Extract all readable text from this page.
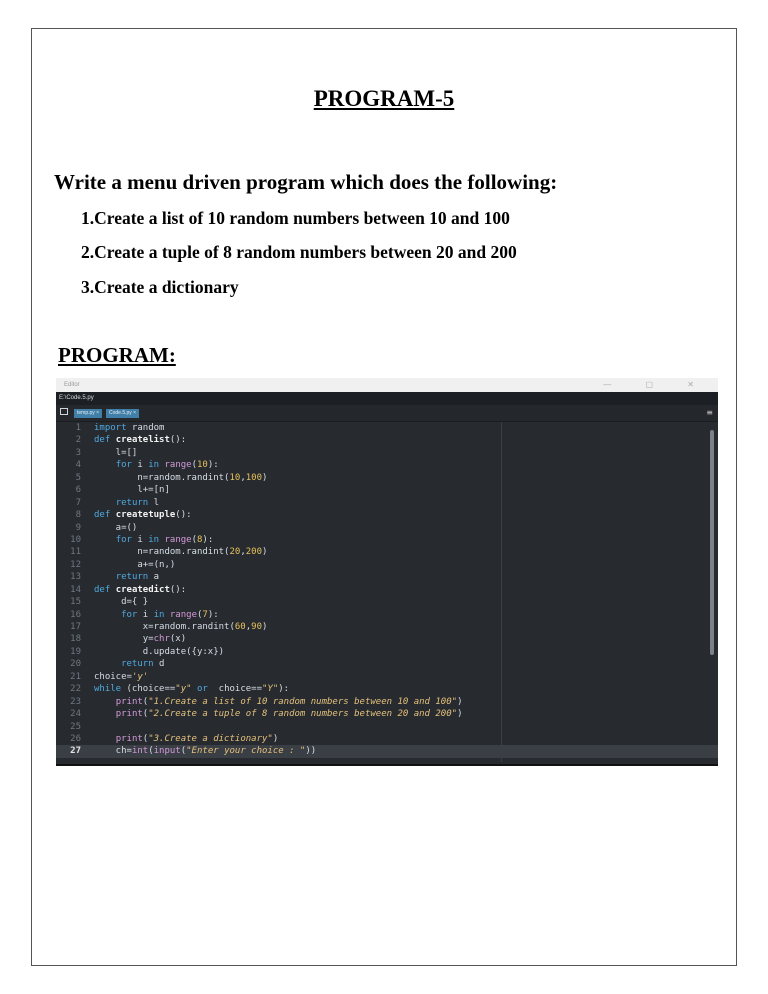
PROGRAM-5
Write a menu driven program which does the following:
1.Create a list of 10 random numbers between 10 and 100
2.Create a tuple of 8 random numbers between 20 and 200
3.Create a dictionary
PROGRAM:
Editor	— ▢ ✕
E:\Code.5.py
temp.py ×	Code.5.py ×	≡
1 import random
2 def createlist():
3 l=[]
4	for i in range(10):
5 n=random.randint(10,100)
6 l+=[n]
7	return l
8 def createtuple():
9 a=()
10	for i in range(8):
11 n=random.randint(20,200)
12 a+=(n,)
13	return a
14 def createdict():
15 d={ }
16	for i in range(7):
17 x=random.randint(60,90)
18 y=chr(x)
19 d.update({y:x})
20	return d
21 choice='y'
22 while (choice=="y" or  choice=="Y"):
23	print("1.Create a list of 10 random numbers between 10 and 100")
24	print("2.Create a tuple of 8 random numbers between 20 and 200")
25
26	print("3.Create a dictionary")
27 ch=int(input("Enter your choice : "))
